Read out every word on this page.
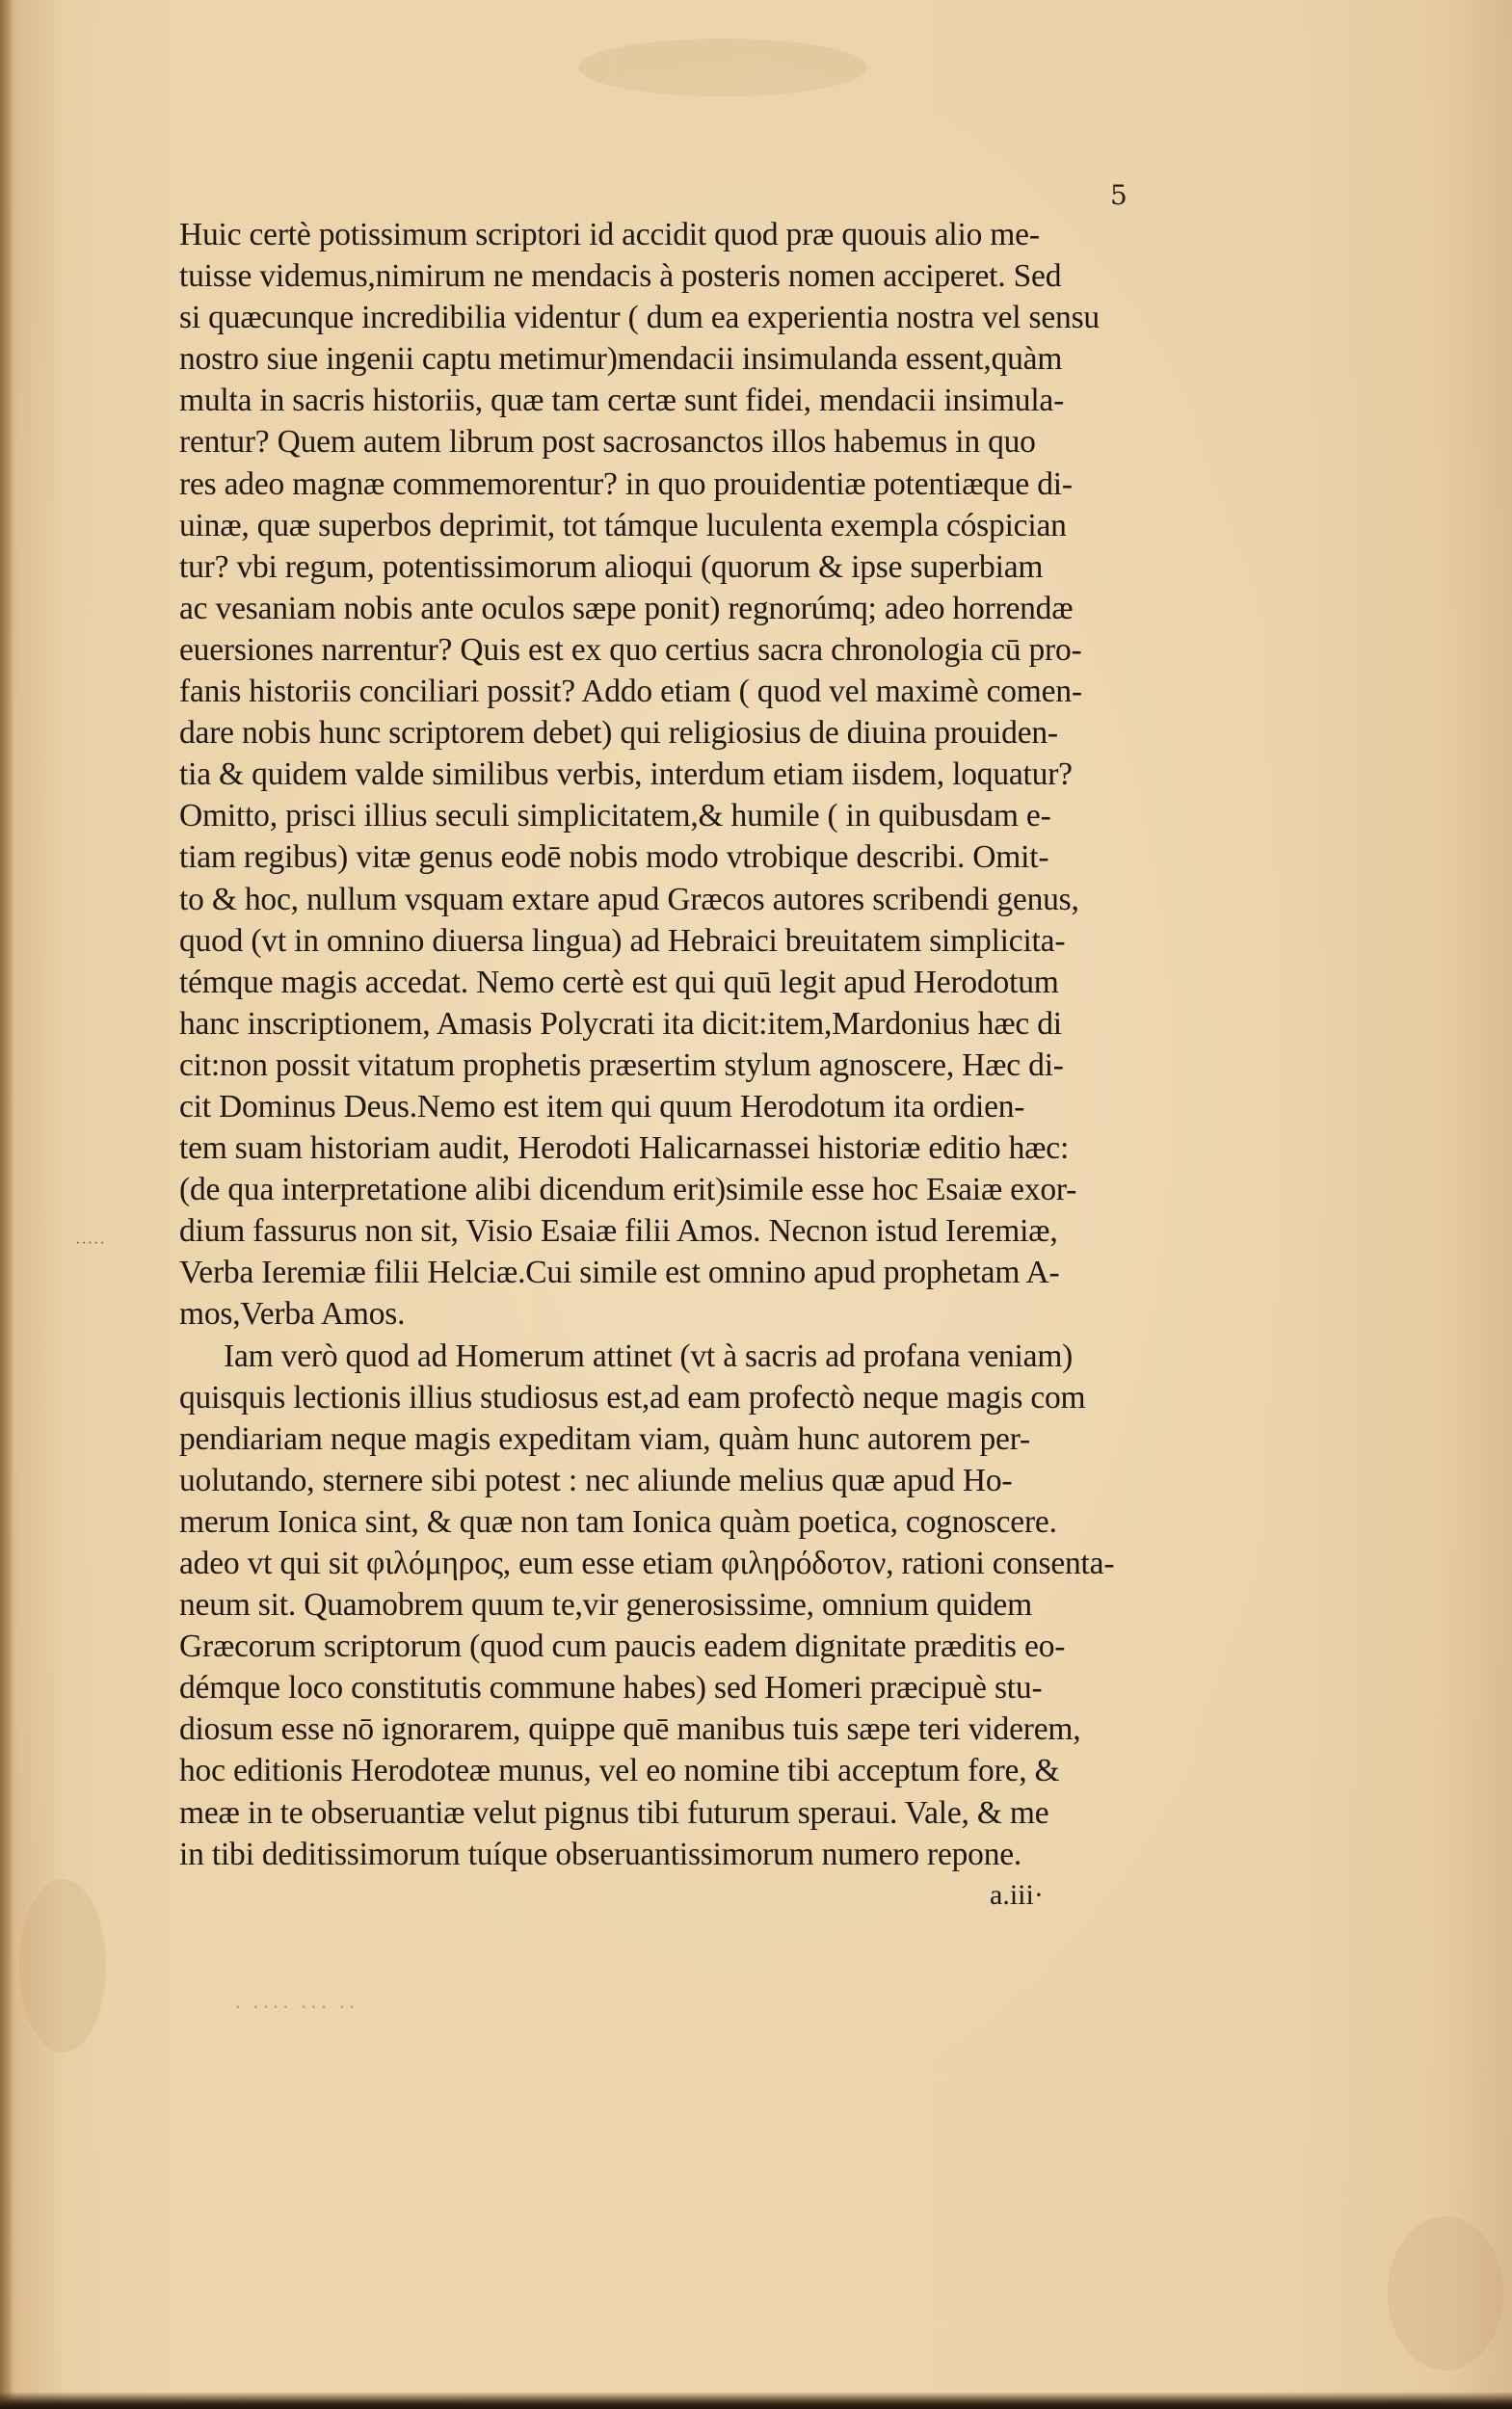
5
·····
Huic certè potissimum scriptori id accidit quod præ quouis alio me-
tuisse videmus,nimirum ne mendacis à posteris nomen acciperet. Sed
si quæcunque incredibilia videntur ( dum ea experientia nostra vel sensu
nostro siue ingenii captu metimur)mendacii insimulanda essent,quàm
multa in sacris historiis, quæ tam certæ sunt fidei, mendacii insimula-
rentur? Quem autem librum post sacrosanctos illos habemus in quo
res adeo magnæ commemorentur? in quo prouidentiæ potentiæque di-
uinæ, quæ superbos deprimit, tot támque luculenta exempla cóspician
tur? vbi regum, potentissimorum alioqui (quorum & ipse superbiam
ac vesaniam nobis ante oculos sæpe ponit) regnorúmq; adeo horrendæ
euersiones narrentur? Quis est ex quo certius sacra chronologia cū pro-
fanis historiis conciliari possit? Addo etiam ( quod vel maximè comen-
dare nobis hunc scriptorem debet) qui religiosius de diuina prouiden-
tia & quidem valde similibus verbis, interdum etiam iisdem, loquatur?
Omitto, prisci illius seculi simplicitatem,& humile ( in quibusdam e-
tiam regibus) vitæ genus eodē nobis modo vtrobique describi. Omit-
to & hoc, nullum vsquam extare apud Græcos autores scribendi genus,
quod (vt in omnino diuersa lingua) ad Hebraici breuitatem simplicita-
témque magis accedat. Nemo certè est qui quū legit apud Herodotum
hanc inscriptionem, Amasis Polycrati ita dicit:item,Mardonius hæc di
cit:non possit vitatum prophetis præsertim stylum agnoscere, Hæc di-
cit Dominus Deus.Nemo est item qui quum Herodotum ita ordien-
tem suam historiam audit, Herodoti Halicarnassei historiæ editio hæc:
(de qua interpretatione alibi dicendum erit)simile esse hoc Esaiæ exor-
dium fassurus non sit, Visio Esaiæ filii Amos. Necnon istud Ieremiæ,
Verba Ieremiæ filii Helciæ.Cui simile est omnino apud prophetam A-
mos,Verba Amos.
Iam verò quod ad Homerum attinet (vt à sacris ad profana veniam)
quisquis lectionis illius studiosus est,ad eam profectò neque magis com
pendiariam neque magis expeditam viam, quàm hunc autorem per-
uolutando, sternere sibi potest : nec aliunde melius quæ apud Ho-
merum Ionica sint, & quæ non tam Ionica quàm poetica, cognoscere.
adeo vt qui sit φιλόμηρος, eum esse etiam φιληρόδοτον, rationi consenta-
neum sit. Quamobrem quum te,vir generosissime, omnium quidem
Græcorum scriptorum (quod cum paucis eadem dignitate præditis eo-
démque loco constitutis commune habes) sed Homeri præcipuè stu-
diosum esse nō ignorarem, quippe quē manibus tuis sæpe teri viderem,
hoc editionis Herodoteæ munus, vel eo nomine tibi acceptum fore, &
meæ in te obseruantiæ velut pignus tibi futurum speraui. Vale, & me
in tibi deditissimorum tuíque obseruantissimorum numero repone.
a.iii·
·· ··· ···· ·
